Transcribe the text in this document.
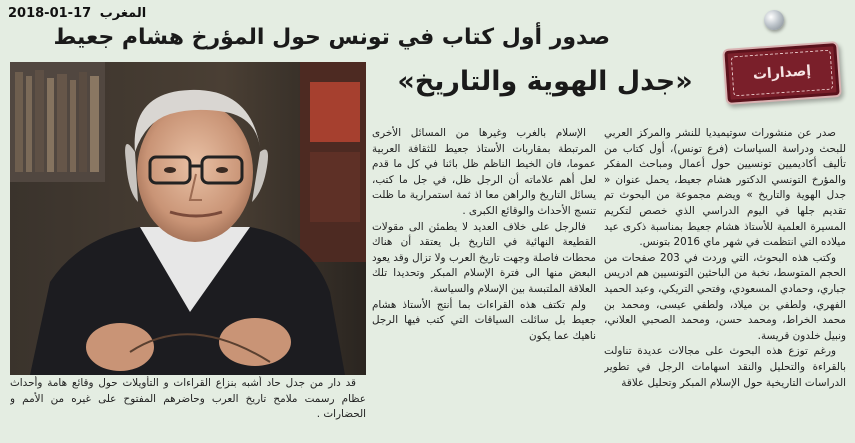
2018-01-17 المغرب
إصدارات
صدور أول كتاب في تونس حول المؤرخ هشام جعيط
«جدل الهوية والتاريخ»

صدر عن منشورات سوتيميديا للنشر والمركز العربي للبحث ودراسة السياسات (فرع تونس)، أول كتاب من تأليف أكاديميين تونسيين حول أعمال ومباحث المفكر والمؤرخ التونسي الدكتور هشام جعيط، يحمل عنوان « جدل الهوية والتاريخ » ويضم مجموعة من البحوث تم تقديم جلها في اليوم الدراسي الذي خصص لتكريم المسيرة العلمية للأستاذ هشام جعيط بمناسبة ذكرى عيد ميلاده التي انتظمت في شهر ماي 2016 بتونس.

وكتب هذه البحوث، التي وردت في 203 صفحات من الحجم المتوسط، نخبة من الباحثين التونسيين هم ادريس جباري، وحمادي المسعودي، وفتحي التريكي، وعبد الحميد الفهري، ولطفي بن ميلاد، ولطفي عيسى، ومحمد بن محمد الخراط، ومحمد حسن، ومحمد الصحبي العلاني، ونبيل خلدون قريسة.

ورغم توزع هذه البحوث على مجالات عديدة تناولت بالقراءة والتحليل والنقد اسهامات الرجل في تطوير الدراسات التاريخية حول الإسلام المبكر وتحليل علاقة

الإسلام بالغرب وغيرها من المسائل الأخرى المرتبطة بمقاربات الأستاذ جعيط للثقافة العربية عموما، فان الخيط الناظم ظل بائنا في كل ما قدم لعل أهم علاماته أن الرجل ظل، في جل ما كتب، يسائل التاريخ والراهن معا اذ ثمة استمرارية ما ظلت تنسج الأحداث والوقائع الكبرى .

فالرجل على خلاف العديد لا يطمئن الى مقولات القطيعة النهائية في التاريخ بل يعتقد أن هناك محطات فاصلة وجهت تاريخ العرب ولا تزال وقد يعود البعض منها الى فترة الإسلام المبكر وتحديدا تلك العلاقة الملتبسة بين الإسلام والسياسة.

ولم تكتف هذه القراءات بما أنتج الأستاذ هشام جعيط بل سائلت السياقات التي كتب فيها الرجل ناهيك عما يكون

قد دار من جدل حاد أشبه بنزاع القراءات و التأويلات حول وقائع هامة وأحداث عظام رسمت ملامح تاريخ العرب وحاضرهم المفتوح على غيره من الأمم و الحضارات .
